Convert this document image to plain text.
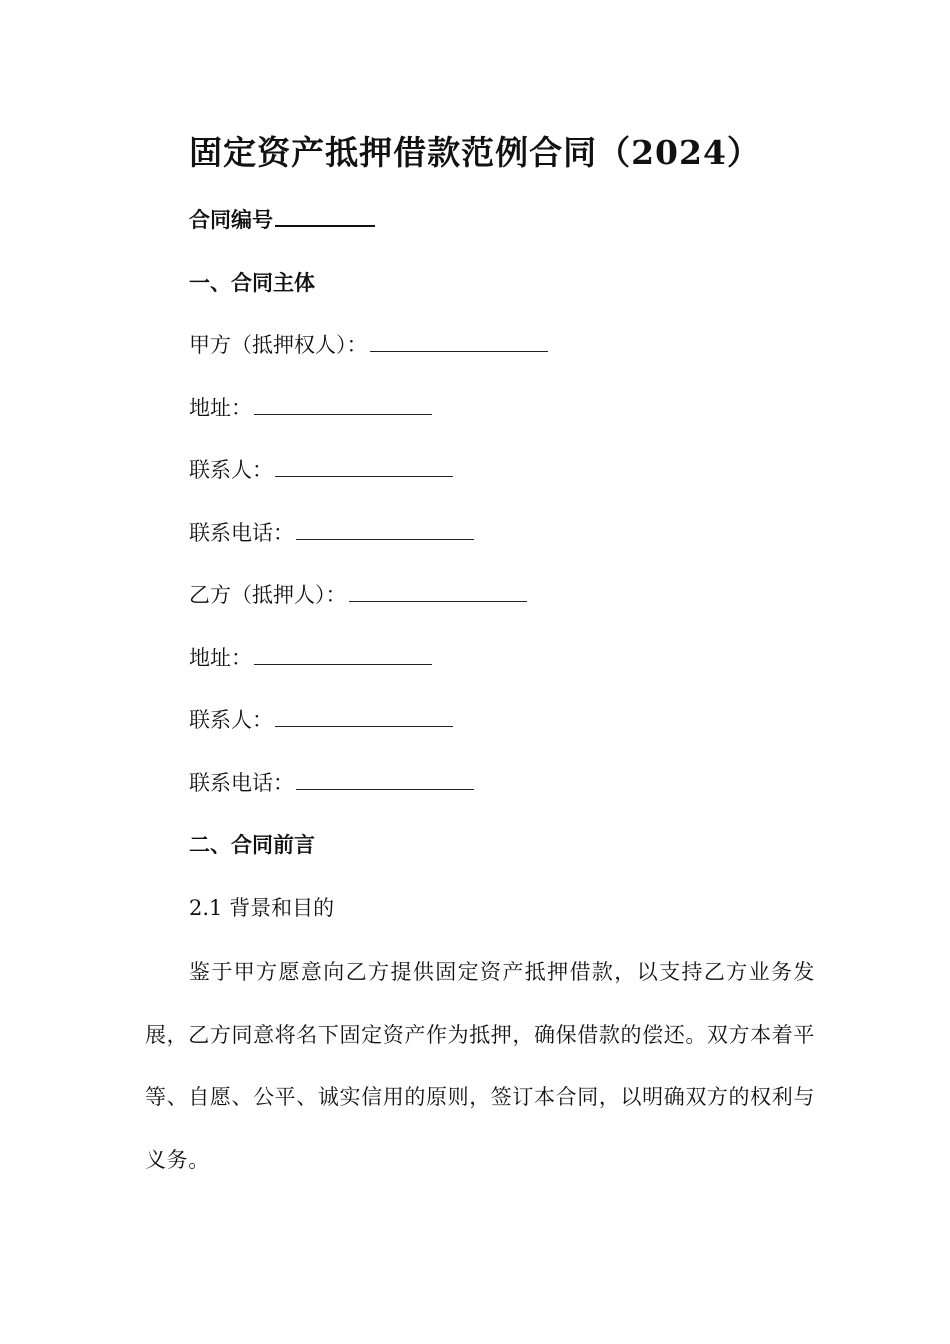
固定资产抵押借款范例合同（2024）
合同编号
一、合同主体
甲方（抵押权人）：
地址：
联系人：
联系电话：
乙方（抵押人）：
地址：
联系人：
联系电话：
二、合同前言
2.1 背景和目的
鉴于甲方愿意向乙方提供固定资产抵押借款，以支持乙方业务发展，乙方同意将名下固定资产作为抵押，确保借款的偿还。双方本着平等、自愿、公平、诚实信用的原则，签订本合同，以明确双方的权利与义务。
